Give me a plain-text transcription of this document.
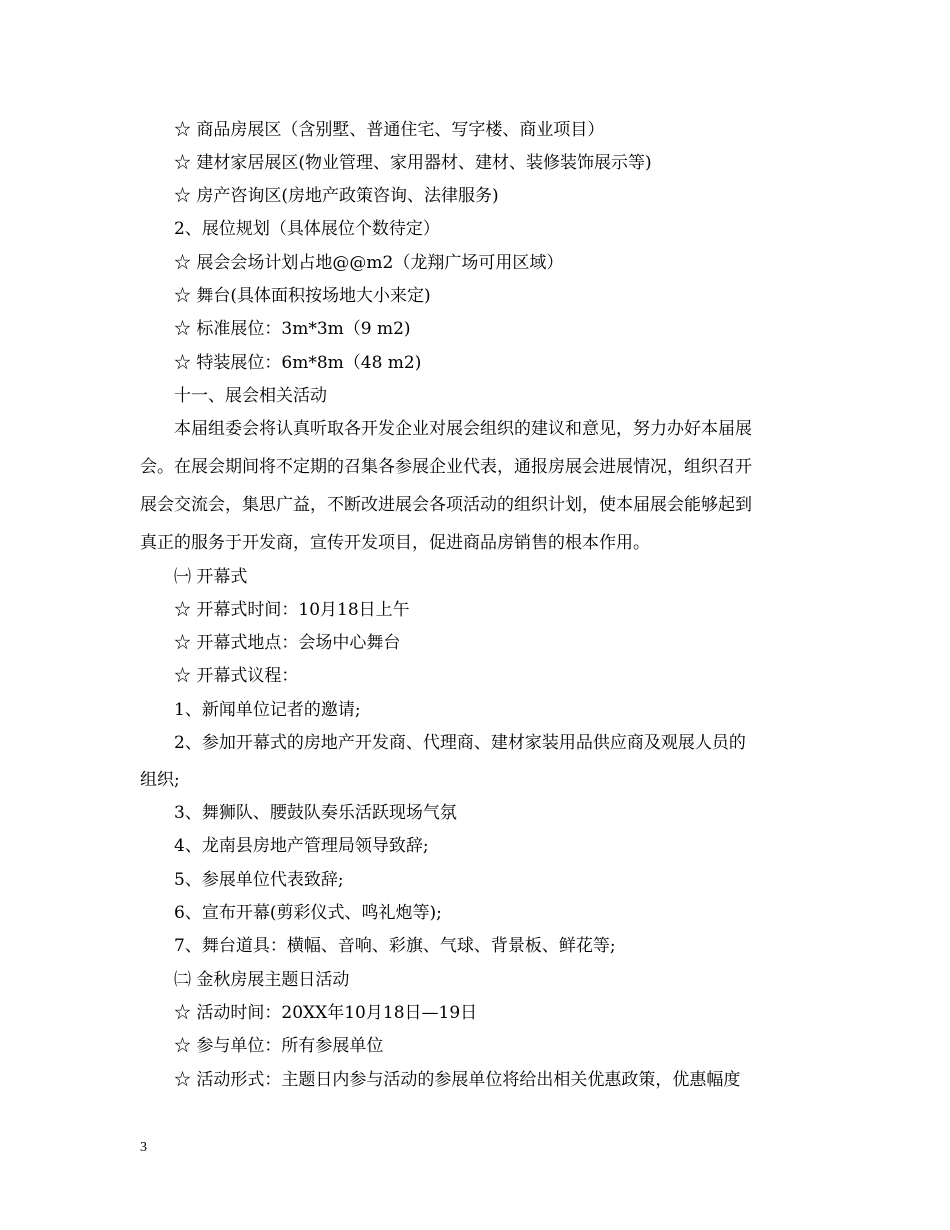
☆ 商品房展区（含别墅、普通住宅、写字楼、商业项目）
☆ 建材家居展区(物业管理、家用器材、建材、装修装饰展示等)
☆ 房产咨询区(房地产政策咨询、法律服务)
2、展位规划（具体展位个数待定）
☆ 展会会场计划占地@@m2（龙翔广场可用区域）
☆ 舞台(具体面积按场地大小来定)
☆ 标准展位：3m*3m（9 m2)
☆ 特装展位：6m*8m（48 m2)
十一、展会相关活动
本届组委会将认真听取各开发企业对展会组织的建议和意见，努力办好本届展
会。在展会期间将不定期的召集各参展企业代表，通报房展会进展情况，组织召开
展会交流会，集思广益，不断改进展会各项活动的组织计划，使本届展会能够起到
真正的服务于开发商，宣传开发项目，促进商品房销售的根本作用。
㈠ 开幕式
☆ 开幕式时间：10月18日上午
☆ 开幕式地点：会场中心舞台
☆ 开幕式议程：
1、新闻单位记者的邀请;
2、参加开幕式的房地产开发商、代理商、建材家装用品供应商及观展人员的
组织;
3、舞狮队、腰鼓队奏乐活跃现场气氛
4、龙南县房地产管理局领导致辞;
5、参展单位代表致辞;
6、宣布开幕(剪彩仪式、鸣礼炮等);
7、舞台道具：横幅、音响、彩旗、气球、背景板、鲜花等;
㈡ 金秋房展主题日活动
☆ 活动时间：20XX年10月18日—19日
☆ 参与单位：所有参展单位
☆ 活动形式：主题日内参与活动的参展单位将给出相关优惠政策，优惠幅度
3
